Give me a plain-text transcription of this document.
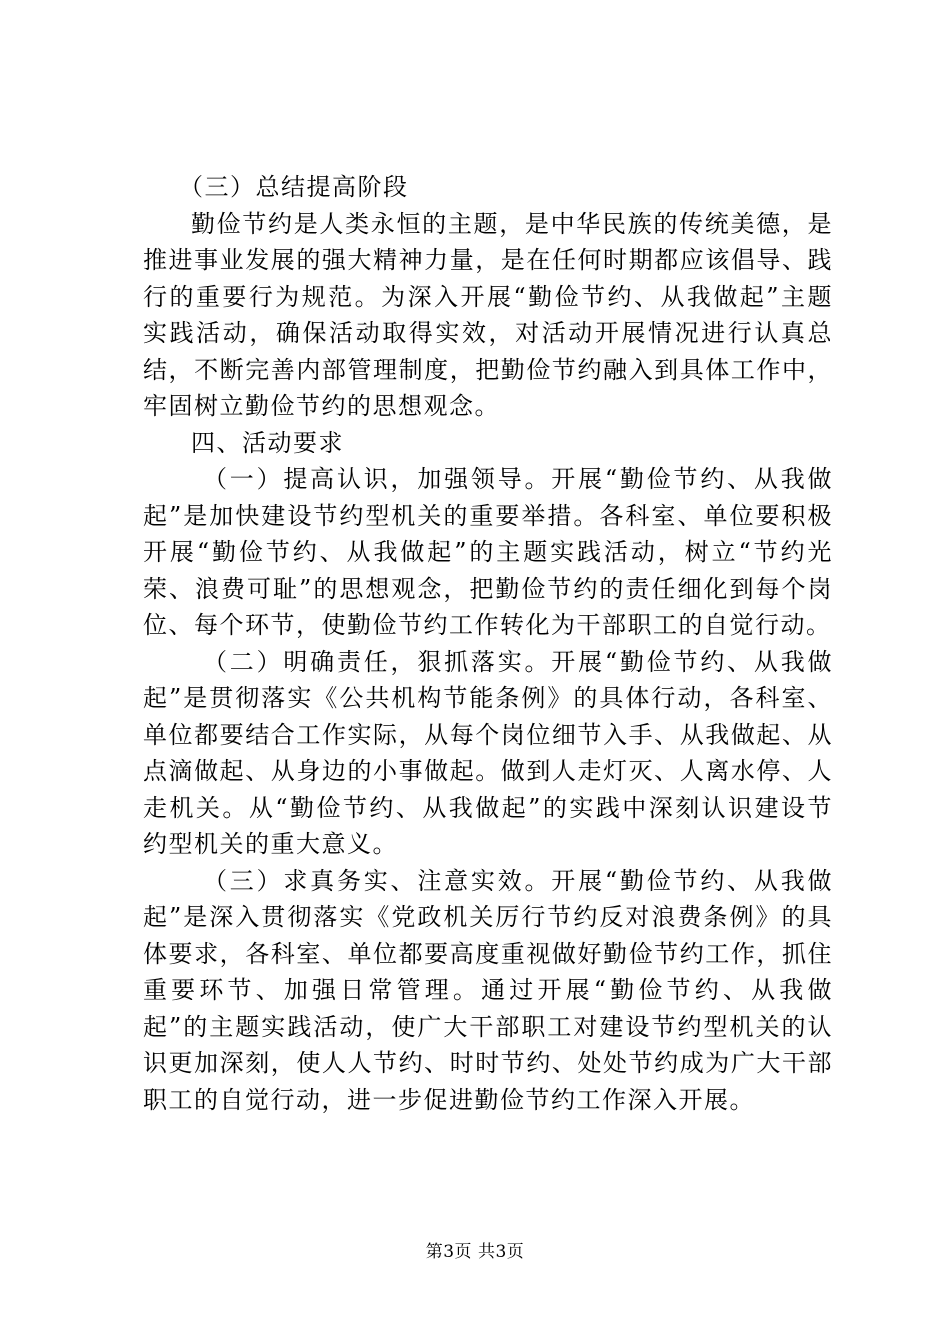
（三）总结提高阶段

勤俭节约是人类永恒的主题，是中华民族的传统美德，是推进事业发展的强大精神力量，是在任何时期都应该倡导、践行的重要行为规范。为深入开展“勤俭节约、从我做起”主题实践活动，确保活动取得实效，对活动开展情况进行认真总结，不断完善内部管理制度，把勤俭节约融入到具体工作中，牢固树立勤俭节约的思想观念。

四、活动要求

（一）提高认识，加强领导。开展“勤俭节约、从我做起”是加快建设节约型机关的重要举措。各科室、单位要积极开展“勤俭节约、从我做起”的主题实践活动，树立“节约光荣、浪费可耻”的思想观念，把勤俭节约的责任细化到每个岗位、每个环节，使勤俭节约工作转化为干部职工的自觉行动。

（二）明确责任，狠抓落实。开展“勤俭节约、从我做起”是贯彻落实《公共机构节能条例》的具体行动，各科室、单位都要结合工作实际，从每个岗位细节入手、从我做起、从点滴做起、从身边的小事做起。做到人走灯灭、人离水停、人走机关。从“勤俭节约、从我做起”的实践中深刻认识建设节约型机关的重大意义。

（三）求真务实、注意实效。开展“勤俭节约、从我做起”是深入贯彻落实《党政机关厉行节约反对浪费条例》的具体要求，各科室、单位都要高度重视做好勤俭节约工作，抓住重要环节、加强日常管理。通过开展“勤俭节约、从我做起”的主题实践活动，使广大干部职工对建设节约型机关的认识更加深刻，使人人节约、时时节约、处处节约成为广大干部职工的自觉行动，进一步促进勤俭节约工作深入开展。

第3页 共3页
